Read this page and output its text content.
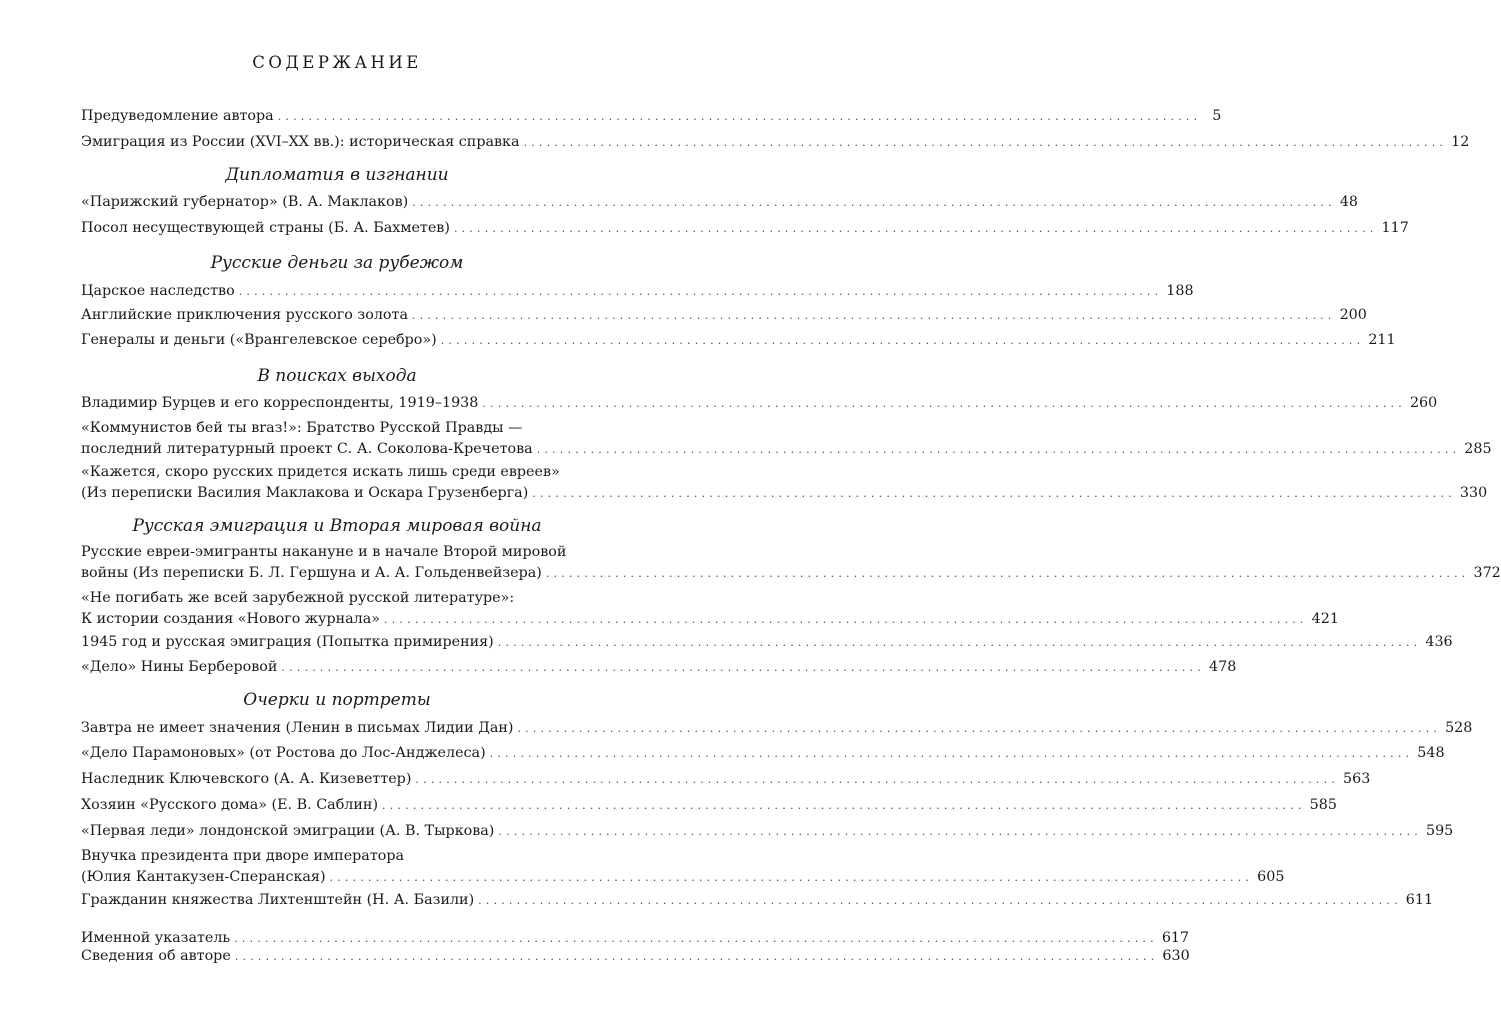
СОДЕРЖАНИЕ
Предуведомление автора ........................................................................................................................ 5
Эмиграция из России (XVI–XX вв.): историческая справка ........................................................................................................................ 12
Дипломатия в изгнании
«Парижский губернатор» (В. А. Маклаков) ........................................................................................................................ 48
Посол несуществующей страны (Б. А. Бахметев) ........................................................................................................................ 117
Русские деньги за рубежом
Царское наследство ........................................................................................................................ 188
Английские приключения русского золота ........................................................................................................................ 200
Генералы и деньги («Врангелевское серебро») ........................................................................................................................ 211
В поисках выхода
Владимир Бурцев и его корреспонденты, 1919–1938 ........................................................................................................................ 260
«Коммунистов бей ты вraз!»: Братство Русской Правды —
последний литературный проект С. А. Соколова-Кречетова ........................................................................................................................ 285
«Кажется, скоро русских придется искать лишь среди евреев»
(Из переписки Василия Маклакова и Оскара Грузенберга) ........................................................................................................................ 330
Русская эмиграция и Вторая мировая война
Русские евреи-эмигранты накануне и в начале Второй мировой
войны (Из переписки Б. Л. Гершуна и А. А. Гольденвейзера) ........................................................................................................................ 372
«Не погибать же всей зарубежной русской литературе»:
К истории создания «Нового журнала» ........................................................................................................................ 421
1945 год и русская эмиграция (Попытка примирения) ........................................................................................................................ 436
«Дело» Нины Берберовой ........................................................................................................................ 478
Очерки и портреты
Завтра не имеет значения (Ленин в письмах Лидии Дан) ........................................................................................................................ 528
«Дело Парамоновых» (от Ростова до Лос-Анджелеса) ........................................................................................................................ 548
Наследник Ключевского (А. А. Кизеветтер) ........................................................................................................................ 563
Хозяин «Русского дома» (Е. В. Саблин) ........................................................................................................................ 585
«Первая леди» лондонской эмиграции (А. В. Тыркова) ........................................................................................................................ 595
Внучка президента при дворе императора
(Юлия Кантакузен-Сперанская) ........................................................................................................................ 605
Гражданин княжества Лихтенштейн (Н. А. Базили) ........................................................................................................................ 611
Именной указатель ........................................................................................................................ 617
Сведения об авторе ........................................................................................................................ 630
